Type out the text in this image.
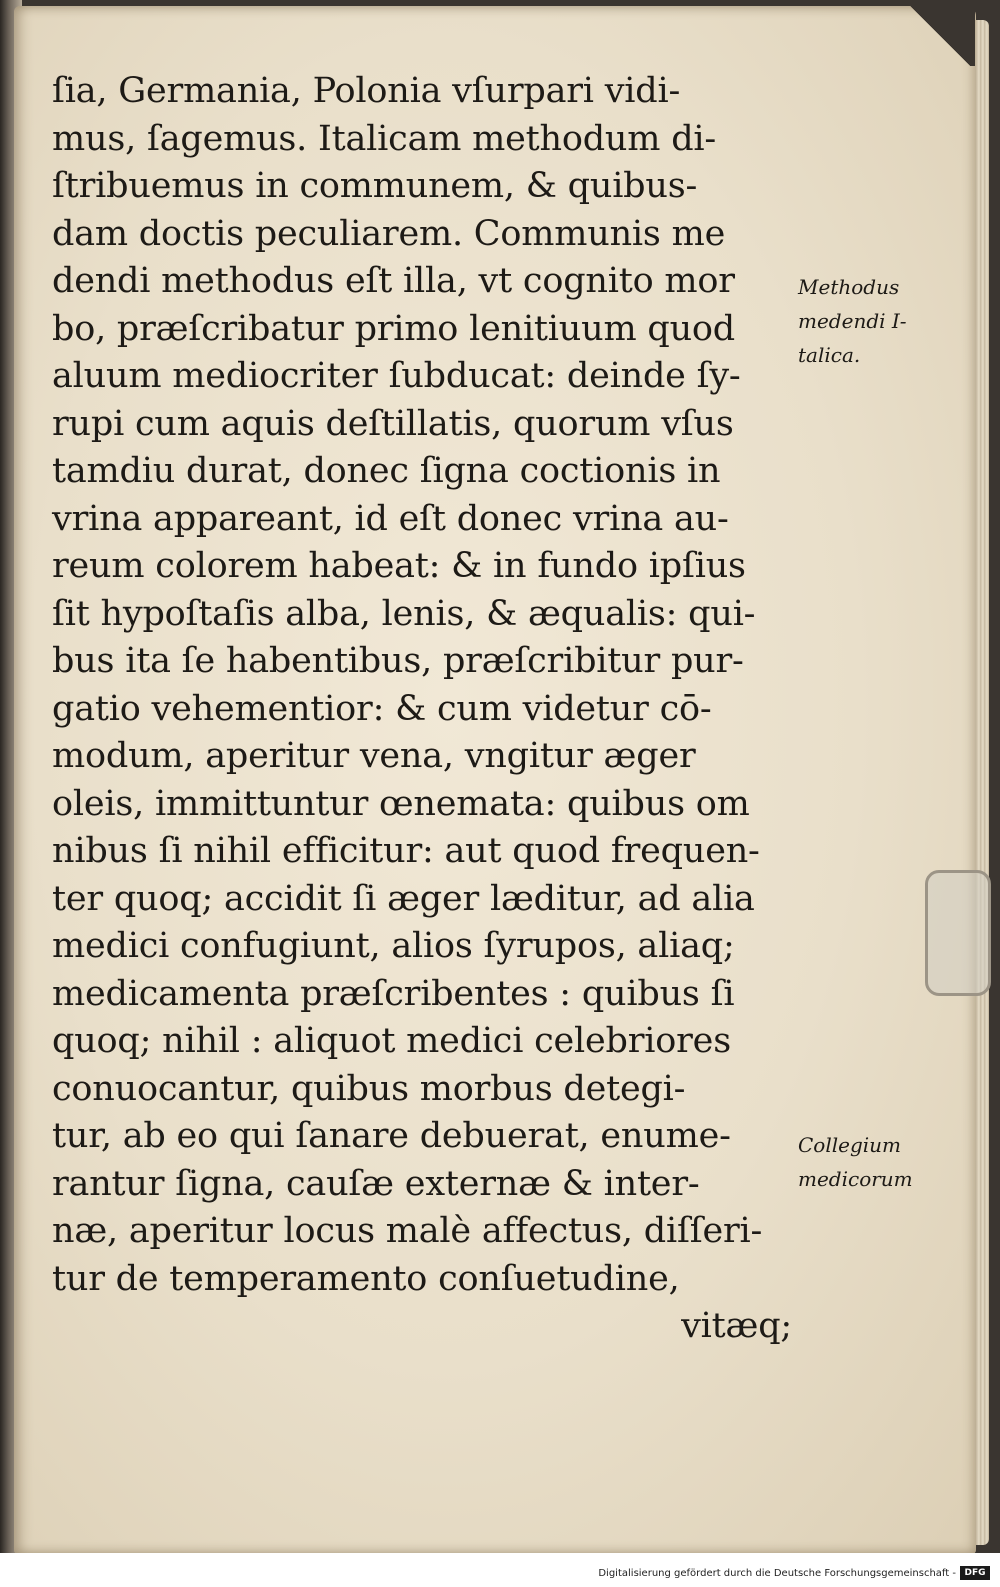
ſia, Germania, Polonia vſurpari vidi-
mus, ſagemus. Italicam methodum di-
ſtribuemus in communem, & quibus-
dam doctis peculiarem. Communis me
dendi methodus eſt illa, vt cognito mor
bo, præſcribatur primo lenitiuum quod
aluum mediocriter ſubducat: deinde ſy-
rupi cum aquis deſtillatis, quorum vſus
tamdiu durat, donec ſigna coctionis in
vrina appareant, id eſt donec vrina au-
reum colorem habeat: & in fundo ipſius
ſit hypoſtaſis alba, lenis, & æqualis: qui-
bus ita ſe habentibus, præſcribitur pur-
gatio vehementior: & cum videtur cō-
modum, aperitur vena, vngitur æger
oleis, immittuntur œnemata: quibus om
nibus ſi nihil efficitur: aut quod frequen-
ter quoq; accidit ſi æger læditur, ad alia
medici confugiunt, alios ſyrupos, aliaq;
medicamenta præſcribentes : quibus ſi
quoq; nihil : aliquot medici celebriores
conuocantur, quibus morbus detegi-
tur, ab eo qui ſanare debuerat, enume-
rantur ſigna, cauſæ externæ & inter-
næ, aperitur locus malè affectus, diſſeri-
tur de temperamento conſuetudine,
vitæq;
Methodus
medendi I-
talica.
Collegium
medicorum

Digitalisierung gefördert durch die Deutsche Forschungsgemeinschaft - DFG
